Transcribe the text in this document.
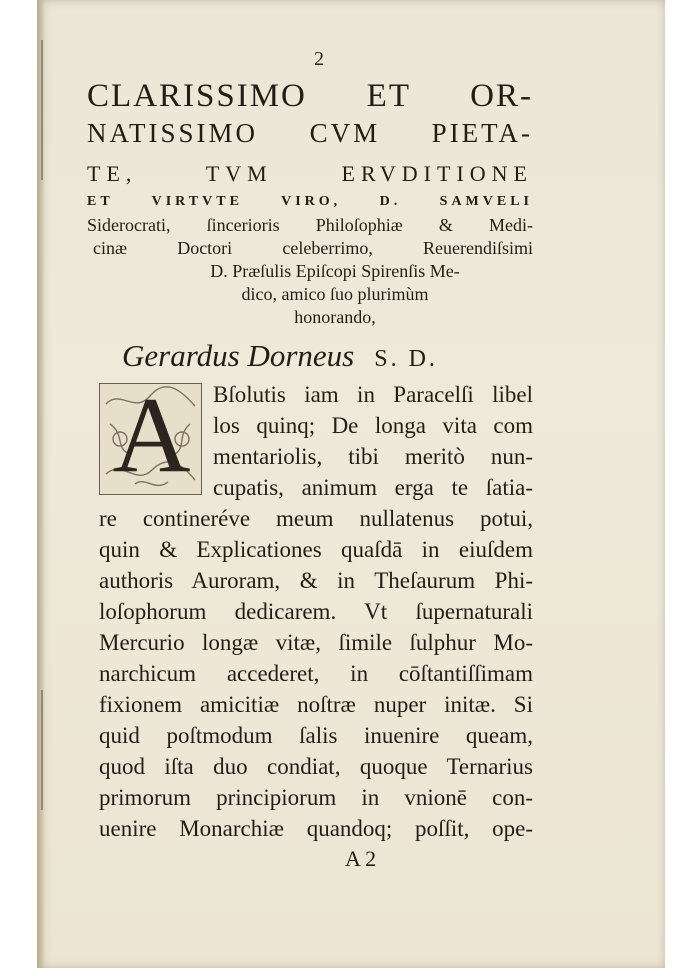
2
CLARISSIMO ET OR-
NATISSIMO CVM PIETA-
TE, TVM ERVDITIONE
ET VIRTVTE VIRO, D. SAMVELI
Siderocrati, ſincerioris Philoſophiæ & Medi-
cinæ Doctori celeberrimo, Reuerendiſsimi
D. Præſulis Epiſcopi Spirenſis Me-
dico, amico ſuo plurimùm
honorando,
Gerardus Dorneus S. D.
A Bſolutis iam in Paracelſi libel
los quinq; De longa vita com
mentariolis, tibi meritò nun-
cupatis, animum erga te ſatia-
re contineréve meum nullatenus potui,
quin & Explicationes quaſdā in eiuſdem
authoris Auroram, & in Theſaurum Phi-
loſophorum dedicarem. Vt ſupernaturali
Mercurio longæ vitæ, ſimile ſulphur Mo-
narchicum accederet, in cōſtantiſſimam
fixionem amicitiæ noſtræ nuper initæ. Si
quid poſtmodum ſalis inuenire queam,
quod iſta duo condiat, quoque Ternarius
primorum principiorum in vnionē con-
uenire Monarchiæ quandoq; poſſit, ope-
A 2
